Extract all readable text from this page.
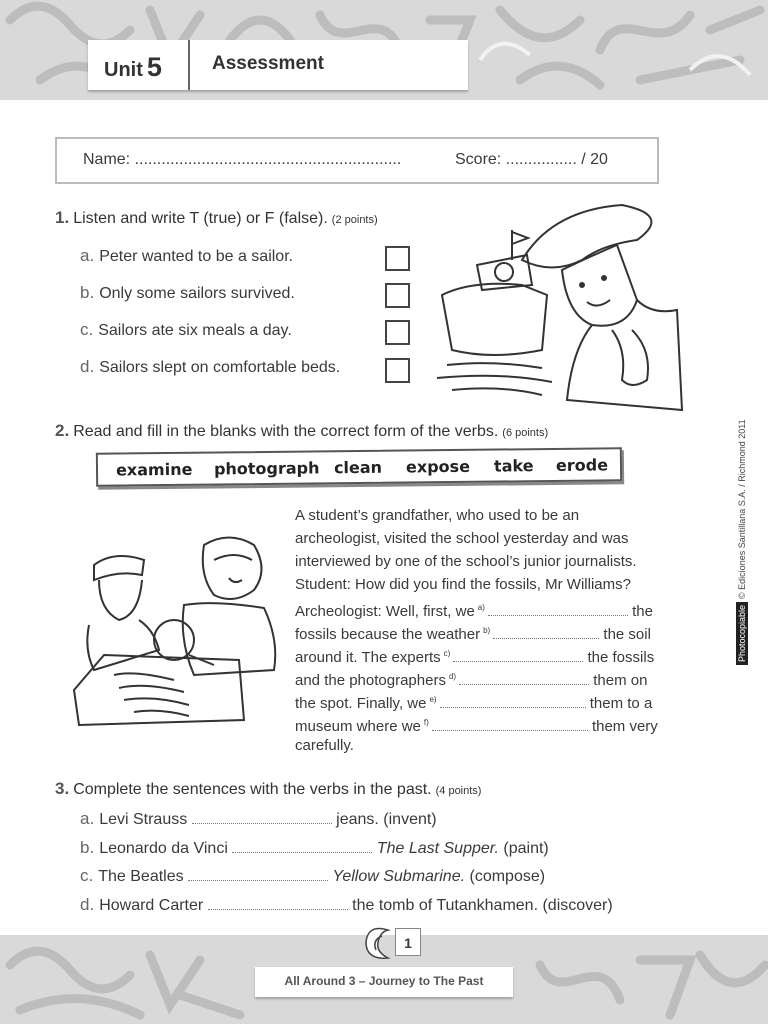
Unit 5	Assessment
Name: ............................................................	Score: ................ / 20
1. Listen and write T (true) or F (false). (2 points)
a. Peter wanted to be a sailor.
b. Only some sailors survived.
c. Sailors ate six meals a day.
d. Sailors slept on comfortable beds.
2. Read and fill in the blanks with the correct form of the verbs. (6 points)
examine photograph clean expose take erode
A student’s grandfather, who used to be an
archeologist, visited the school yesterday and was
interviewed by one of the school’s junior journalists.
Student: How did you find the fossils, Mr Williams?
Archeologist: Well, first, we $^{a)}$	the
fossils because the weather $^{b)}$	the soil
around it. The experts $^{c)}$	the fossils
and the photographers $^{d)}$	them on
the spot. Finally, we $^{e)}$	them to a
museum where we $^{f)}$	them very
carefully.
3. Complete the sentences with the verbs in the past. (4 points)
a. Levi Strauss	jeans. (invent)
b. Leonardo da Vinci	The Last Supper. (paint)
c. The Beatles	Yellow Submarine. (compose)
d. Howard Carter	the tomb of Tutankhamen. (discover)
Photocopiable© Ediciones Santillana S.A. / Richmond 2011
1
All Around 3 – Journey to The Past
